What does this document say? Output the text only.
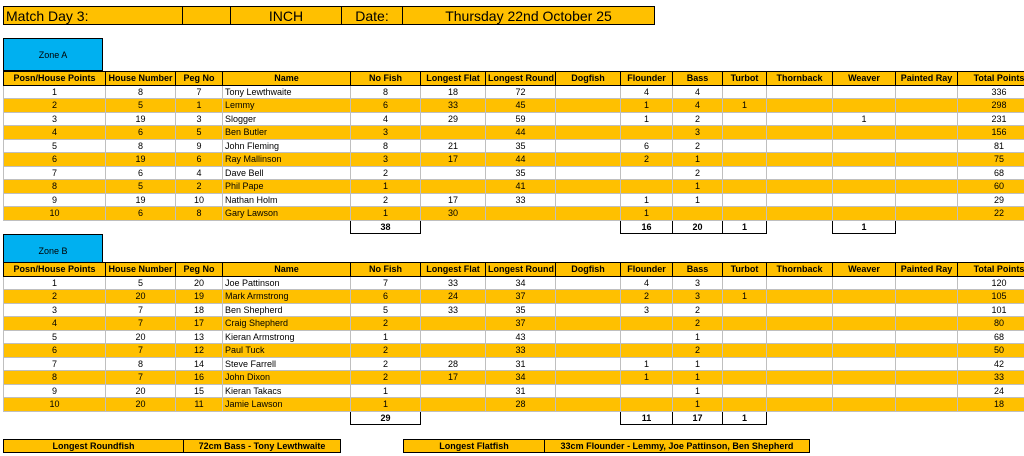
Match Day 3:	INCH	Date:	Thursday 22nd October 25
Zone A
Posn/House Points	House Number	Peg No	Name	No Fish	Longest Flat	Longest Round	Dogfish	Flounder	Bass	Turbot	Thornback	Weaver	Painted Ray	Total Points
1	8	7	Tony Lewthwaite	8	18	72		4	4					336
2	5	1	Lemmy	6	33	45		1	4	1				298
3	19	3	Slogger	4	29	59		1	2			1		231
4	6	5	Ben Butler	3		44			3					156
5	8	9	John Fleming	8	21	35		6	2					81
6	19	6	Ray Mallinson	3	17	44		2	1					75
7	6	4	Dave Bell	2		35			2					68
8	5	2	Phil Pape	1		41			1					60
9	19	10	Nathan Holm	2	17	33		1	1					29
10	6	8	Gary Lawson	1	30			1						22
				38				16	20	1		1		
Zone B
Posn/House Points	House Number	Peg No	Name	No Fish	Longest Flat	Longest Round	Dogfish	Flounder	Bass	Turbot	Thornback	Weaver	Painted Ray	Total Points
1	5	20	Joe Pattinson	7	33	34		4	3					120
2	20	19	Mark Armstrong	6	24	37		2	3	1				105
3	7	18	Ben Shepherd	5	33	35		3	2					101
4	7	17	Craig Shepherd	2		37			2					80
5	20	13	Kieran Armstrong	1		43			1					68
6	7	12	Paul Tuck	2		33			2					50
7	8	14	Steve Farrell	2	28	31		1	1					42
8	7	16	John Dixon	2	17	34		1	1					33
9	20	15	Kieran Takacs	1		31			1					24
10	20	11	Jamie Lawson	1		28			1					18
				29				11	17	1				
Longest Roundfish	72cm Bass - Tony Lewthwaite	Longest Flatfish	33cm Flounder - Lemmy, Joe Pattinson, Ben Shepherd
